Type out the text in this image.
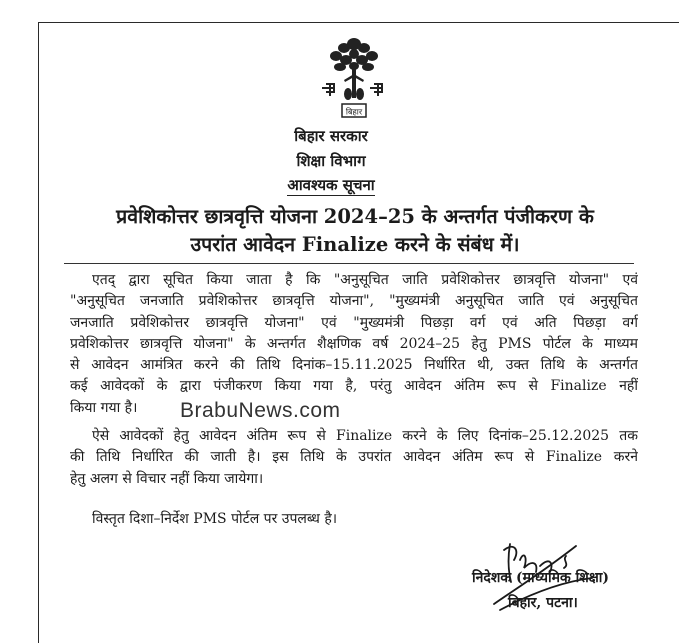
बिहार
बिहार सरकार
शिक्षा विभाग
आवश्यक सूचना
प्रवेशिकोत्तर छात्रवृत्ति योजना 2024–25 के अन्तर्गत पंजीकरण के
उपरांत आवेदन Finalize करने के संबंध में।
एतद् द्वारा सूचित किया जाता है कि "अनुसूचित जाति प्रवेशिकोत्तर छात्रवृत्ति योजना" एवं
"अनुसूचित जनजाति प्रवेशिकोत्तर छात्रवृत्ति योजना", "मुख्यमंत्री अनुसूचित जाति एवं अनुसूचित
जनजाति प्रवेशिकोत्तर छात्रवृत्ति योजना" एवं "मुख्यमंत्री पिछड़ा वर्ग एवं अति पिछड़ा वर्ग
प्रवेशिकोत्तर छात्रवृत्ति योजना" के अन्तर्गत शैक्षणिक वर्ष 2024–25 हेतु PMS पोर्टल के माध्यम
से आवेदन आमंत्रित करने की तिथि दिनांक–15.11.2025 निर्धारित थी, उक्त तिथि के अन्तर्गत
कई आवेदकों के द्वारा पंजीकरण किया गया है, परंतु आवेदन अंतिम रूप से Finalize नहीं
किया गया है।	BrabuNews.com
ऐसे आवेदकों हेतु आवेदन अंतिम रूप से Finalize करने के लिए दिनांक–25.12.2025 तक
की तिथि निर्धारित की जाती है। इस तिथि के उपरांत आवेदन अंतिम रूप से Finalize करने
हेतु अलग से विचार नहीं किया जायेगा।
विस्तृत दिशा–निर्देश PMS पोर्टल पर उपलब्ध है।
निदेशक (माध्यमिक शिक्षा)
बिहार, पटना।
